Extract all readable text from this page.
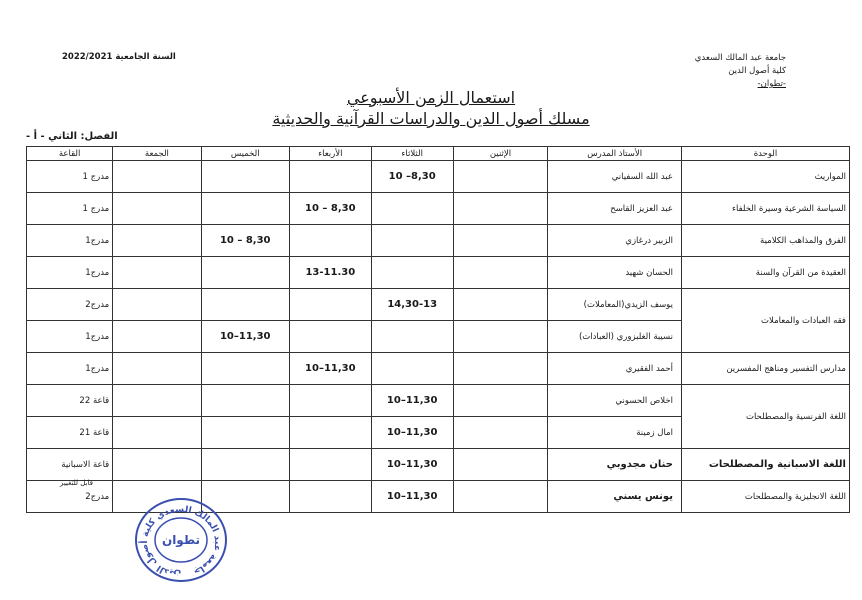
جامعة عبد المالك السعدي
كلية أصول الدين
-تطوان-
السنة الجامعية 2022/2021
استعمال الزمن الأسبوعي
مسلك أصول الدين والدراسات القرآنية والحديثية
الفصل: الثاني - أ -
الوحدة	الأستاذ المدرس	الإثنين	الثلاثاء	الأربعاء	الخميس	الجمعة	القاعة
المواريث	عبد الله السفياني		8,30– 10				مدرج 1
السياسة الشرعية وسيرة الخلفاء	عبد العزيز القاسح			8,30 – 10			مدرج 1
الفرق والمذاهب الكلامية	الزبير درغازي				8,30 – 10		مدرج1
العقيدة من القرآن والسنة	الحسان شهيد			13-11.30			مدرج1
فقه العبادات والمعاملات	يوسف الزيدي(المعاملات)		14,30-13				مدرج2
	نسيبة الغلبزوري (العبادات)				11,30–10		مدرج1
مدارس التفسير ومناهج المفسرين	أحمد الفقيري			11,30–10			مدرج1
اللغة الفرنسية والمصطلحات	اخلاص الحسوني		11,30–10				قاعة 22
	امال زمينة		11,30–10				قاعة 21
اللغة الاسبانية والمصطلحات	حنان مجدوبي		11,30–10				قاعة الاسبانية
اللغة الانجليزية والمصطلحات	يونس يسني		11,30–10				مدرج2
قابل للتغيير
جامعة عبد المالك السعدي كلية أصول الدين
تطوان
